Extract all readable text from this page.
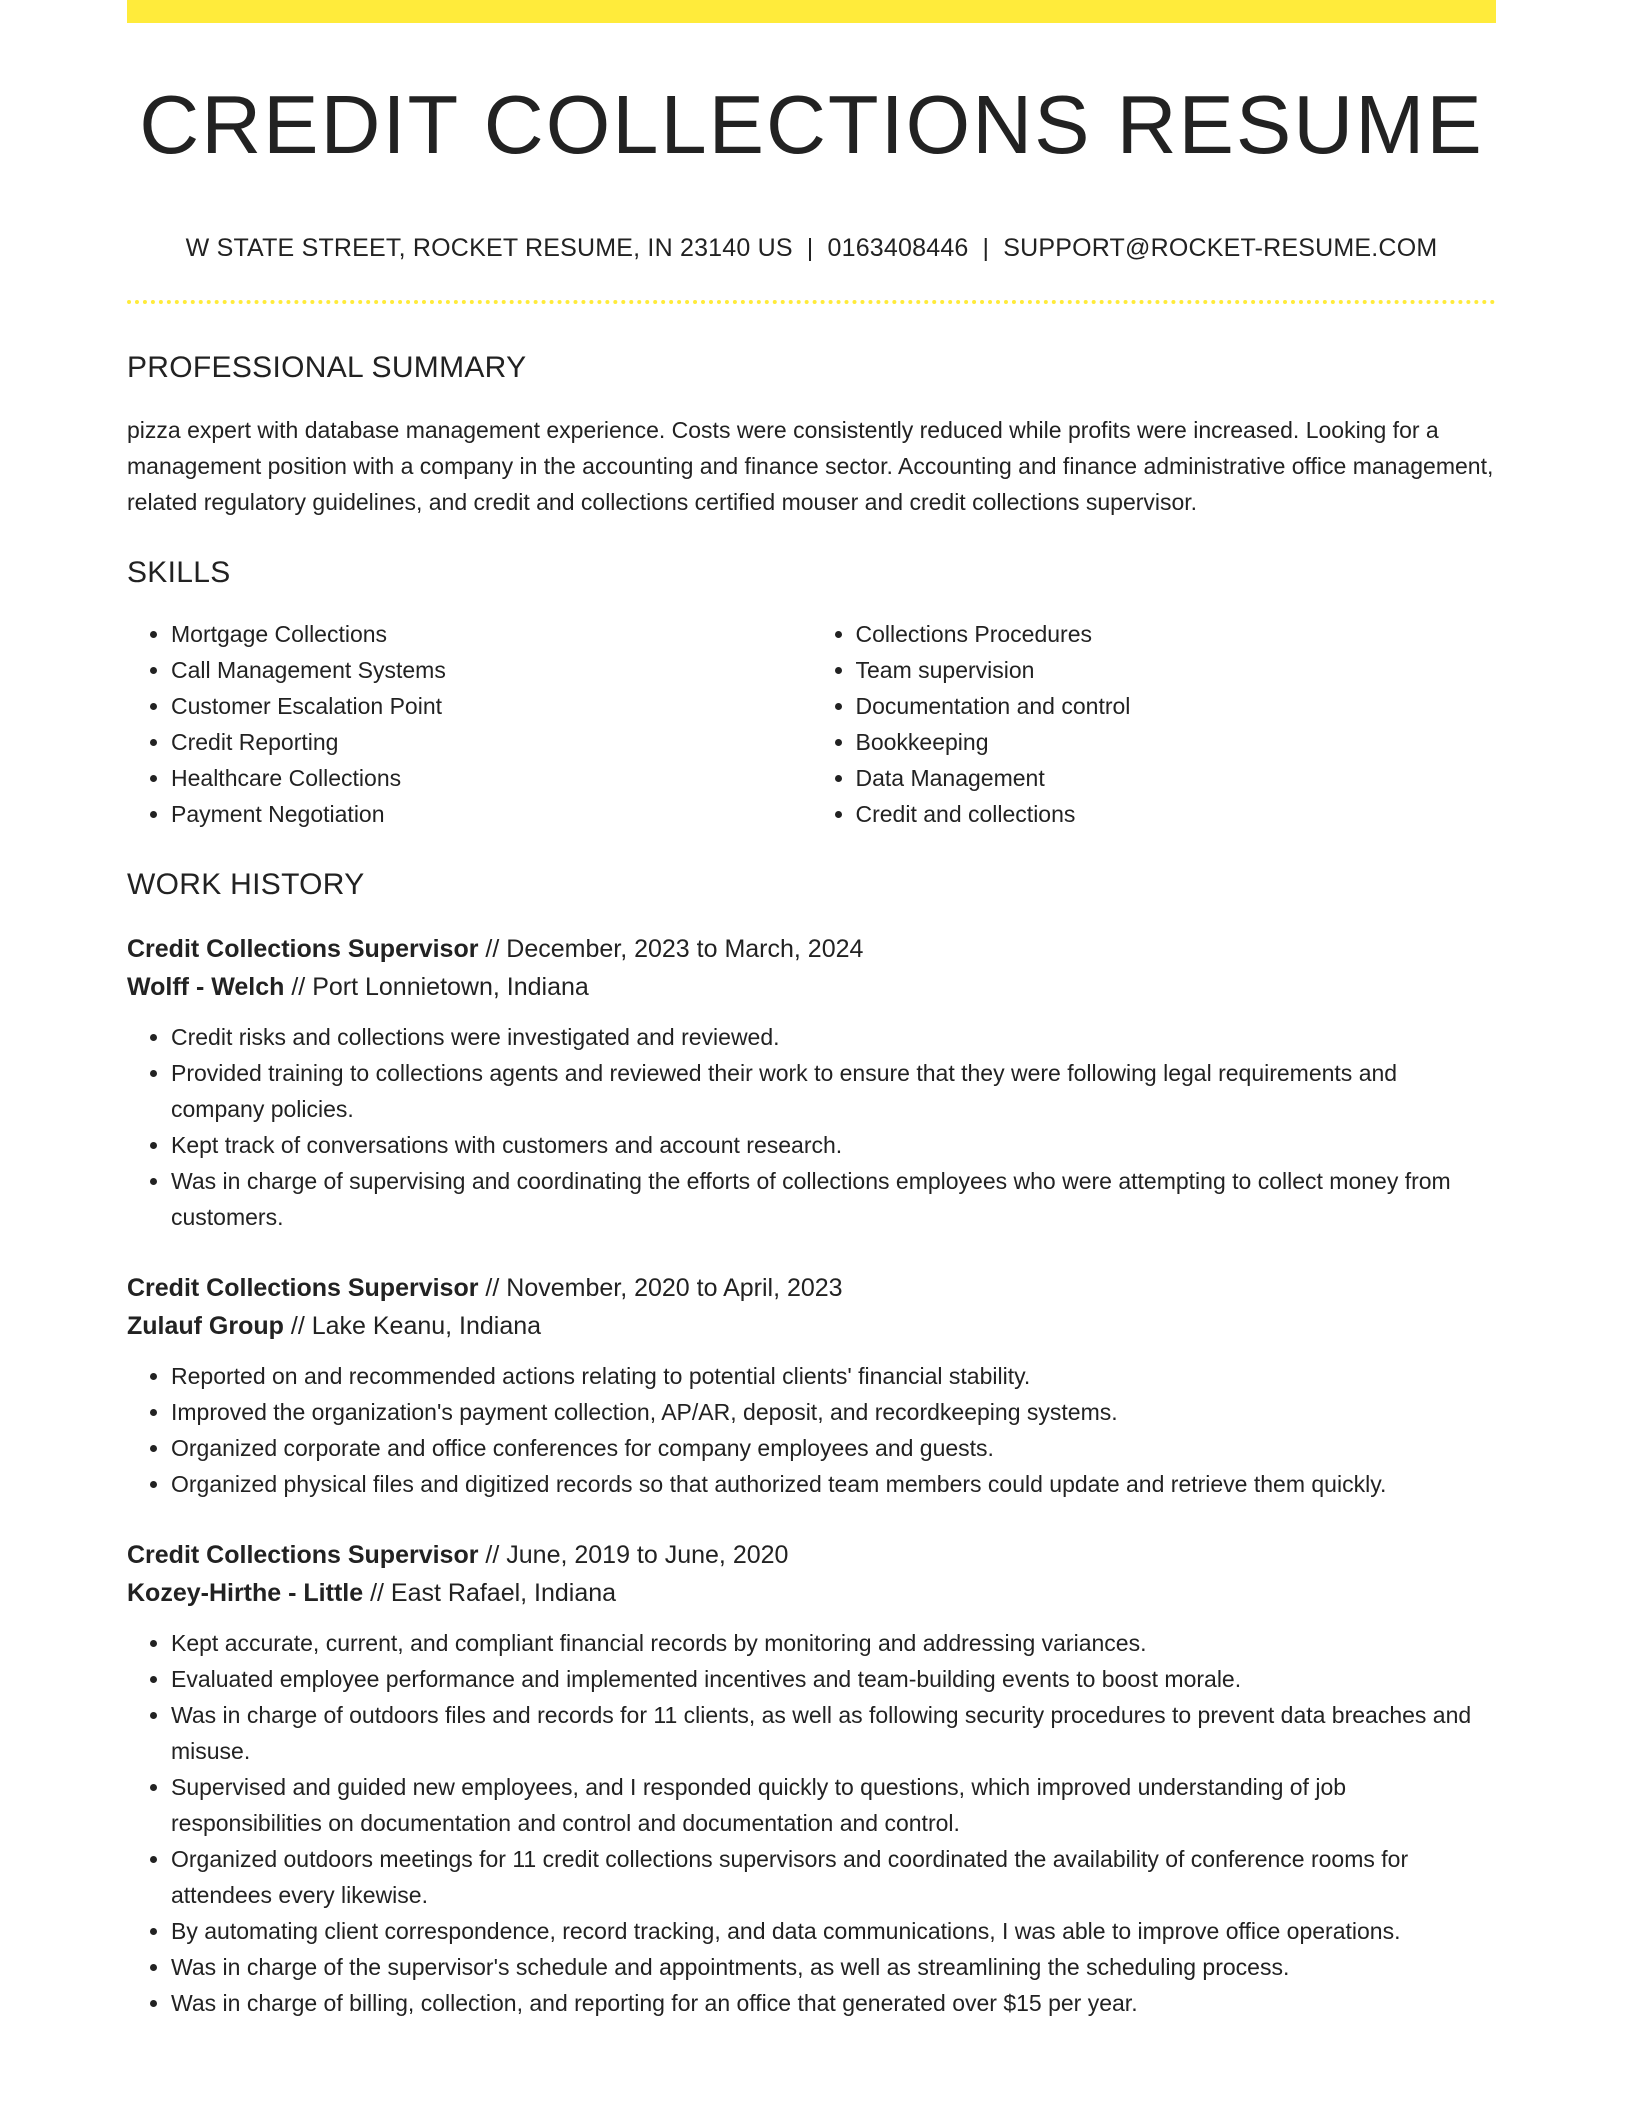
CREDIT COLLECTIONS RESUME
W STATE STREET, ROCKET RESUME, IN 23140 US | 0163408446 | SUPPORT@ROCKET-RESUME.COM
PROFESSIONAL SUMMARY
pizza expert with database management experience. Costs were consistently reduced while profits were increased. Looking for a management position with a company in the accounting and finance sector. Accounting and finance administrative office management, related regulatory guidelines, and credit and collections certified mouser and credit collections supervisor.
SKILLS
• Mortgage Collections
• Call Management Systems
• Customer Escalation Point
• Credit Reporting
• Healthcare Collections
• Payment Negotiation
• Collections Procedures
• Team supervision
• Documentation and control
• Bookkeeping
• Data Management
• Credit and collections
WORK HISTORY
Credit Collections Supervisor // December, 2023 to March, 2024
Wolff - Welch // Port Lonnietown, Indiana
• Credit risks and collections were investigated and reviewed.
• Provided training to collections agents and reviewed their work to ensure that they were following legal requirements and company policies.
• Kept track of conversations with customers and account research.
• Was in charge of supervising and coordinating the efforts of collections employees who were attempting to collect money from customers.
Credit Collections Supervisor // November, 2020 to April, 2023
Zulauf Group // Lake Keanu, Indiana
• Reported on and recommended actions relating to potential clients' financial stability.
• Improved the organization's payment collection, AP/AR, deposit, and recordkeeping systems.
• Organized corporate and office conferences for company employees and guests.
• Organized physical files and digitized records so that authorized team members could update and retrieve them quickly.
Credit Collections Supervisor // June, 2019 to June, 2020
Kozey-Hirthe - Little // East Rafael, Indiana
• Kept accurate, current, and compliant financial records by monitoring and addressing variances.
• Evaluated employee performance and implemented incentives and team-building events to boost morale.
• Was in charge of outdoors files and records for 11 clients, as well as following security procedures to prevent data breaches and misuse.
• Supervised and guided new employees, and I responded quickly to questions, which improved understanding of job responsibilities on documentation and control and documentation and control.
• Organized outdoors meetings for 11 credit collections supervisors and coordinated the availability of conference rooms for attendees every likewise.
• By automating client correspondence, record tracking, and data communications, I was able to improve office operations.
• Was in charge of the supervisor's schedule and appointments, as well as streamlining the scheduling process.
• Was in charge of billing, collection, and reporting for an office that generated over $15 per year.
